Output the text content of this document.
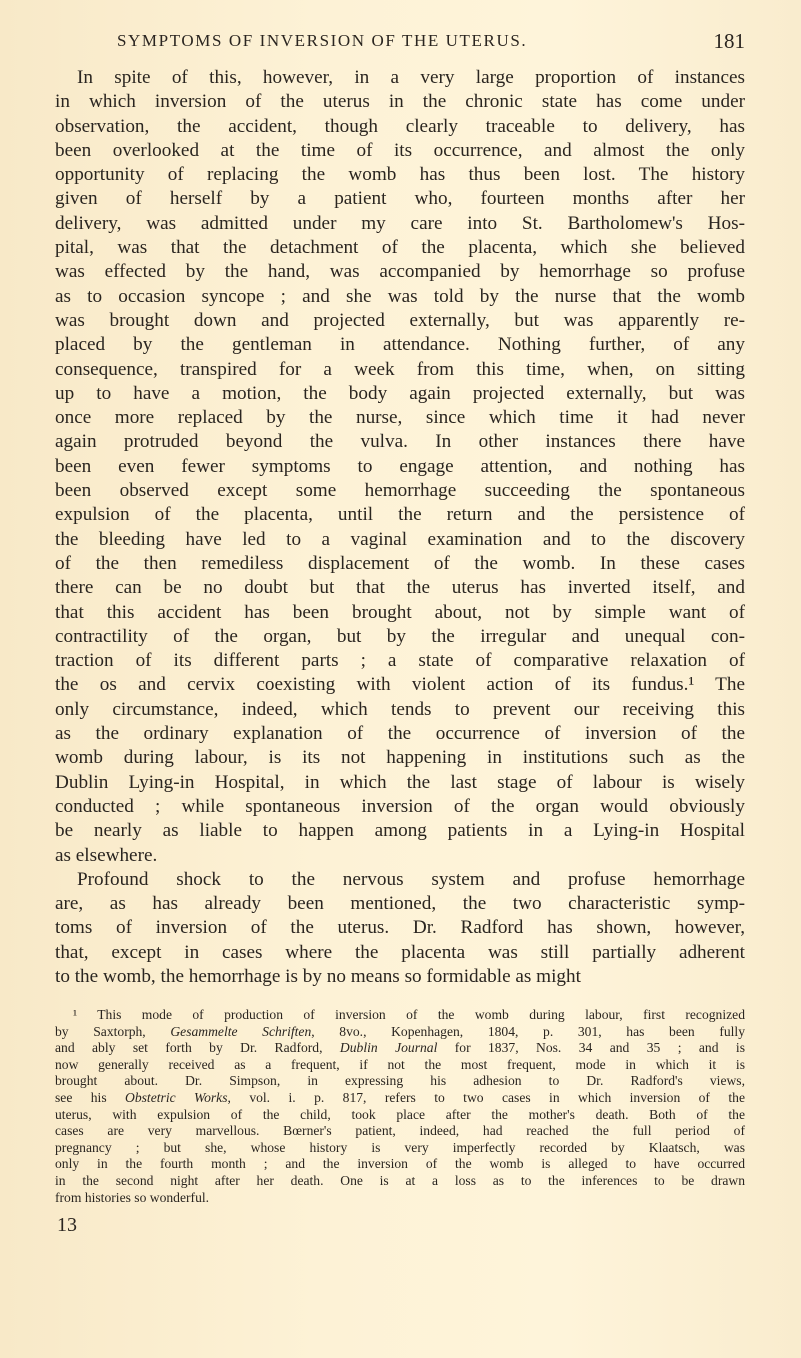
SYMPTOMS OF INVERSION OF THE UTERUS.	181
In spite of this, however, in a very large proportion of instances
in which inversion of the uterus in the chronic state has come under
observation, the accident, though clearly traceable to delivery, has
been overlooked at the time of its occurrence, and almost the only
opportunity of replacing the womb has thus been lost. The history
given of herself by a patient who, fourteen months after her
delivery, was admitted under my care into St. Bartholomew's Hos-
pital, was that the detachment of the placenta, which she believed
was effected by the hand, was accompanied by hemorrhage so profuse
as to occasion syncope ; and she was told by the nurse that the womb
was brought down and projected externally, but was apparently re-
placed by the gentleman in attendance. Nothing further, of any
consequence, transpired for a week from this time, when, on sitting
up to have a motion, the body again projected externally, but was
once more replaced by the nurse, since which time it had never
again protruded beyond the vulva. In other instances there have
been even fewer symptoms to engage attention, and nothing has
been observed except some hemorrhage succeeding the spontaneous
expulsion of the placenta, until the return and the persistence of
the bleeding have led to a vaginal examination and to the discovery
of the then remediless displacement of the womb. In these cases
there can be no doubt but that the uterus has inverted itself, and
that this accident has been brought about, not by simple want of
contractility of the organ, but by the irregular and unequal con-
traction of its different parts ; a state of comparative relaxation of
the os and cervix coexisting with violent action of its fundus.¹ The
only circumstance, indeed, which tends to prevent our receiving this
as the ordinary explanation of the occurrence of inversion of the
womb during labour, is its not happening in institutions such as the
Dublin Lying-in Hospital, in which the last stage of labour is wisely
conducted ; while spontaneous inversion of the organ would obviously
be nearly as liable to happen among patients in a Lying-in Hospital
as elsewhere.
Profound shock to the nervous system and profuse hemorrhage
are, as has already been mentioned, the two characteristic symp-
toms of inversion of the uterus. Dr. Radford has shown, however,
that, except in cases where the placenta was still partially adherent
to the womb, the hemorrhage is by no means so formidable as might
¹ This mode of production of inversion of the womb during labour, first recognized
by Saxtorph, Gesammelte Schriften, 8vo., Kopenhagen, 1804, p. 301, has been fully
and ably set forth by Dr. Radford, Dublin Journal for 1837, Nos. 34 and 35 ; and is
now generally received as a frequent, if not the most frequent, mode in which it is
brought about. Dr. Simpson, in expressing his adhesion to Dr. Radford's views,
see his Obstetric Works, vol. i. p. 817, refers to two cases in which inversion of the
uterus, with expulsion of the child, took place after the mother's death. Both of the
cases are very marvellous. Bœrner's patient, indeed, had reached the full period of
pregnancy ; but she, whose history is very imperfectly recorded by Klaatsch, was
only in the fourth month ; and the inversion of the womb is alleged to have occurred
in the second night after her death. One is at a loss as to the inferences to be drawn
from histories so wonderful.
13
